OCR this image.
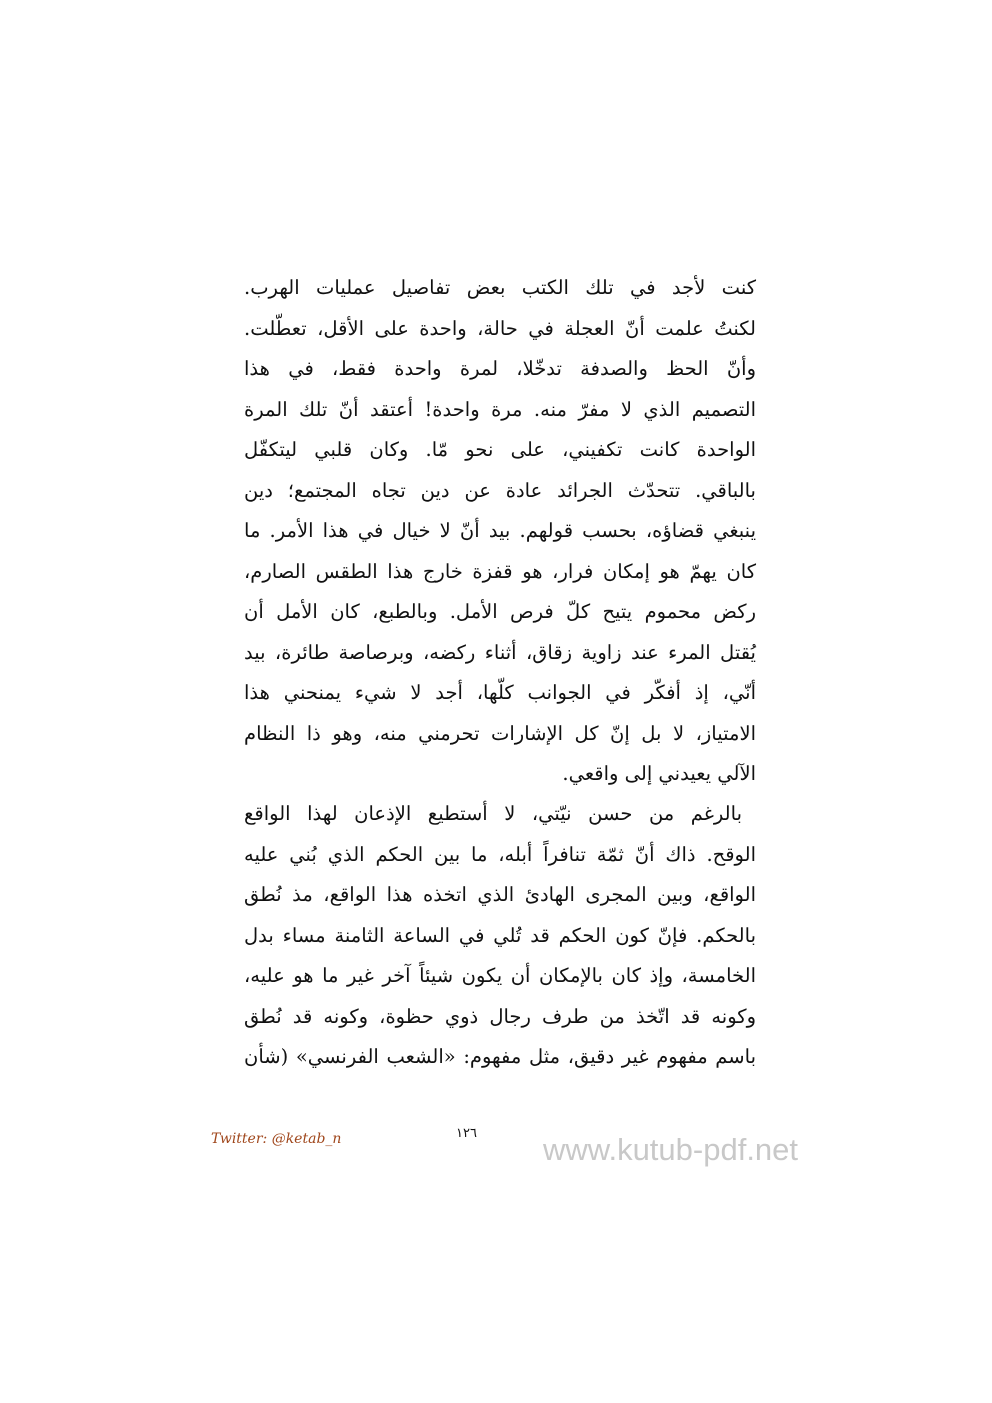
كنت لأجد في تلك الكتب بعض تفاصيل عمليات الهرب.
لكنتُ علمت أنّ العجلة في حالة، واحدة على الأقل، تعطّلت.
وأنّ الحظ والصدفة تدخّلا، لمرة واحدة فقط، في هذا
التصميم الذي لا مفرّ منه. مرة واحدة! أعتقد أنّ تلك المرة
الواحدة كانت تكفيني، على نحو مّا. وكان قلبي ليتكفّل
بالباقي. تتحدّث الجرائد عادة عن دين تجاه المجتمع؛ دين
ينبغي قضاؤه، بحسب قولهم. بيد أنّ لا خيال في هذا الأمر. ما
كان يهمّ هو إمكان فرار، هو قفزة خارج هذا الطقس الصارم،
ركض محموم يتيح كلّ فرص الأمل. وبالطبع، كان الأمل أن
يُقتل المرء عند زاوية زقاق، أثناء ركضه، وبرصاصة طائرة، بيد
أنّي، إذ أفكّر في الجوانب كلّها، أجد لا شيء يمنحني هذا
الامتياز، لا بل إنّ كل الإشارات تحرمني منه، وهو ذا النظام
الآلي يعيدني إلى واقعي.
بالرغم من حسن نيّتي، لا أستطيع الإذعان لهذا الواقع
الوقح. ذاك أنّ ثمّة تنافراً أبله، ما بين الحكم الذي بُني عليه
الواقع، وبين المجرى الهادئ الذي اتخذه هذا الواقع، مذ نُطق
بالحكم. فإنّ كون الحكم قد تُلي في الساعة الثامنة مساء بدل
الخامسة، وإذ كان بالإمكان أن يكون شيئاً آخر غير ما هو عليه،
وكونه قد اتّخذ من طرف رجال ذوي حظوة، وكونه قد نُطق
باسم مفهوم غير دقيق، مثل مفهوم: «الشعب الفرنسي» (شأن
Twitter: @ketab_n	١٢٦ www.kutub-pdf.net
